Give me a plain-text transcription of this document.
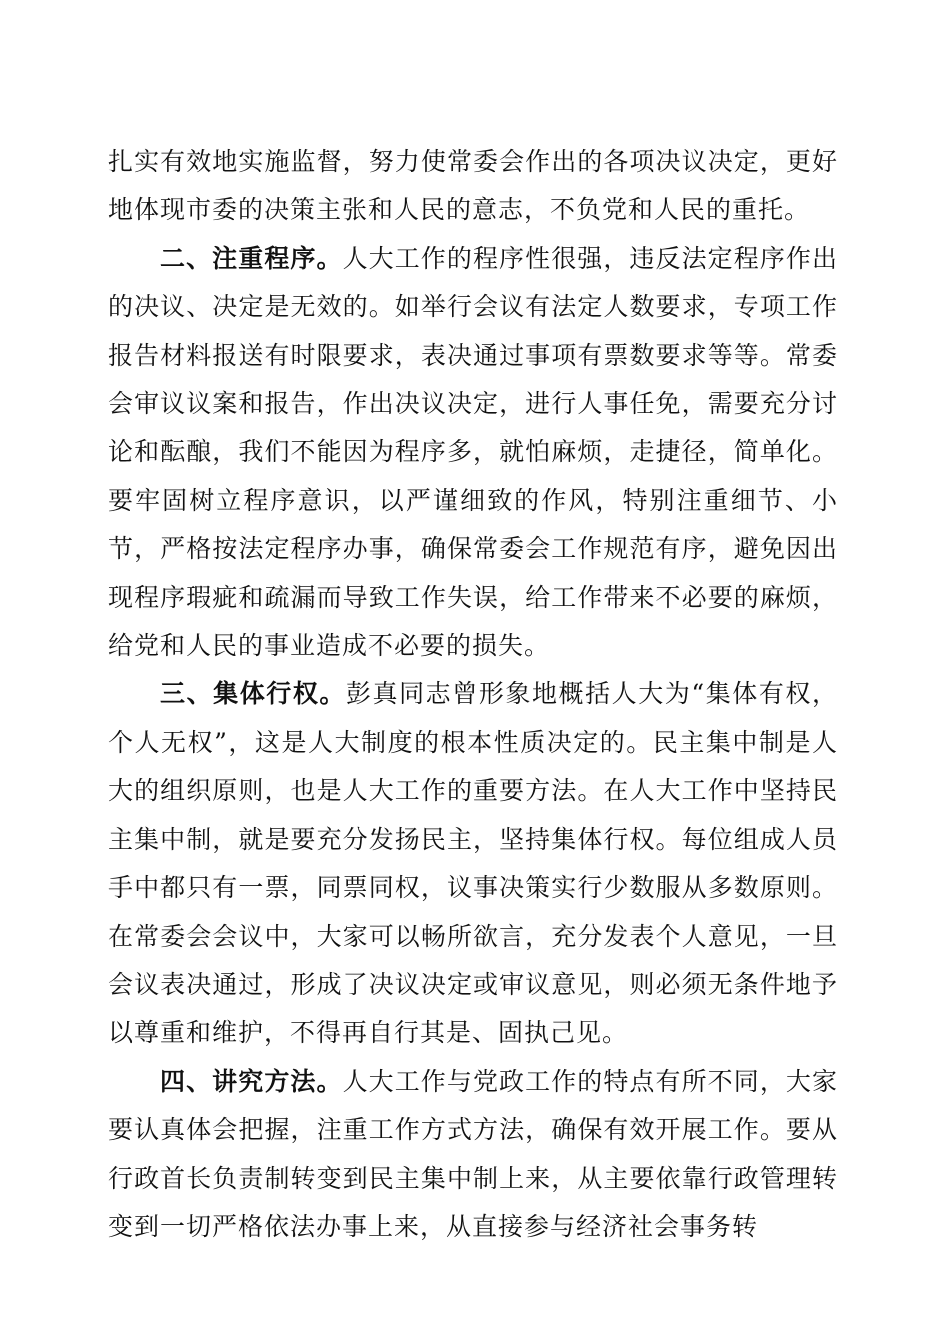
扎实有效地实施监督，努力使常委会作出的各项决议决定，更好地体现市委的决策主张和人民的意志，不负党和人民的重托。

二、注重程序。人大工作的程序性很强，违反法定程序作出的决议、决定是无效的。如举行会议有法定人数要求，专项工作报告材料报送有时限要求，表决通过事项有票数要求等等。常委会审议议案和报告，作出决议决定，进行人事任免，需要充分讨论和酝酿，我们不能因为程序多，就怕麻烦，走捷径，简单化。要牢固树立程序意识，以严谨细致的作风，特别注重细节、小节，严格按法定程序办事，确保常委会工作规范有序，避免因出现程序瑕疵和疏漏而导致工作失误，给工作带来不必要的麻烦，给党和人民的事业造成不必要的损失。

三、集体行权。彭真同志曾形象地概括人大为“集体有权，个人无权”，这是人大制度的根本性质决定的。民主集中制是人大的组织原则，也是人大工作的重要方法。在人大工作中坚持民主集中制，就是要充分发扬民主，坚持集体行权。每位组成人员手中都只有一票，同票同权，议事决策实行少数服从多数原则。在常委会会议中，大家可以畅所欲言，充分发表个人意见，一旦会议表决通过，形成了决议决定或审议意见，则必须无条件地予以尊重和维护，不得再自行其是、固执己见。

四、讲究方法。人大工作与党政工作的特点有所不同，大家要认真体会把握，注重工作方式方法，确保有效开展工作。要从行政首长负责制转变到民主集中制上来，从主要依靠行政管理转变到一切严格依法办事上来，从直接参与经济社会事务转
